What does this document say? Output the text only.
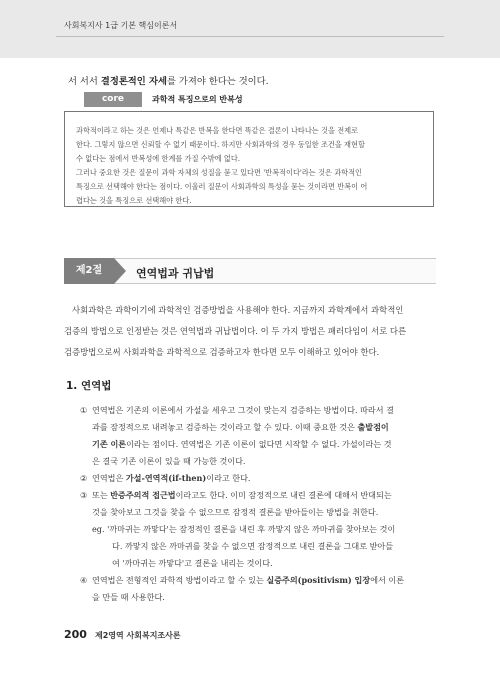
사회복지사 1급 기본 핵심이론서
서 서서 결정론적인 자세를 가져야 한다는 것이다.
core	과학적 특징으로의 반복성

과학적이라고 하는 것은 언제나 특같은 반복을 한다면 똑같은 결론이 나타나는 것을 전제로

한다. 그렇지 않으면 신뢰할 수 없기 때문이다. 하지만 사회과학의 경우 동일한 조건을 재현할

수 없다는 점에서 반복성에 한계를 가질 수밖에 없다.

그러나 중요한 것은 질문이 과학 자체의 성질을 묻고 있다면 '반복적이다'라는 것은 과학적인

특징으로 선택해야 한다는 점이다. 이울러 질문이 사회과학의 특성을 묻는 것이라면 반복이 어

렵다는 것을 특징으로 선택해야 한다.

제2절	연역법과 귀납법

사회과학은 과학이기에 과학적인 검증방법을 사용해야 한다. 지금까지 과학계에서 과학적인

검증의 방법으로 인정받는 것은 연역법과 귀납법이다. 이 두 가지 방법은 패러다임이 서로 다른

검증방법으로써 사회과학을 과학적으로 검증하고자 한다면 모두 이해하고 있어야 한다.

1. 연역법
① 연역법은 기존의 이론에서 가설을 세우고 그것이 맞는지 검증하는 방법이다. 따라서 결
과를 잠정적으로 내려놓고 검증하는 것이라고 할 수 있다. 이때 중요한 것은 출발점이
기존 이론이라는 점이다. 연역법은 기존 이론이 없다면 시작할 수 없다. 가설이라는 것
은 결국 기존 이론이 있을 때 가능한 것이다.
② 연역법은 가설-연역적(if-then)이라고 한다.
③ 또는 반증주의적 접근법이라고도 한다. 이미 잠정적으로 내린 결론에 대해서 반대되는
것을 찾아보고 그것을 찾을 수 없으므로 잠정적 결론을 받아들이는 방법을 취한다.
eg. '까마귀는 까맣다'는 잠정적인 결론을 내린 후 까맣지 않은 까마귀를 찾아보는 것이
다. 까맣지 않은 까마귀를 찾을 수 없으면 잠정적으로 내린 결론을 그대로 받아들
여 '까마귀는 까맣다'고 결론을 내리는 것이다.
④ 연역법은 전형적인 과학적 방법이라고 할 수 있는 실증주의(positivism) 입장에서 이론
을 만들 때 사용한다.
200 제2영역 사회복지조사론
